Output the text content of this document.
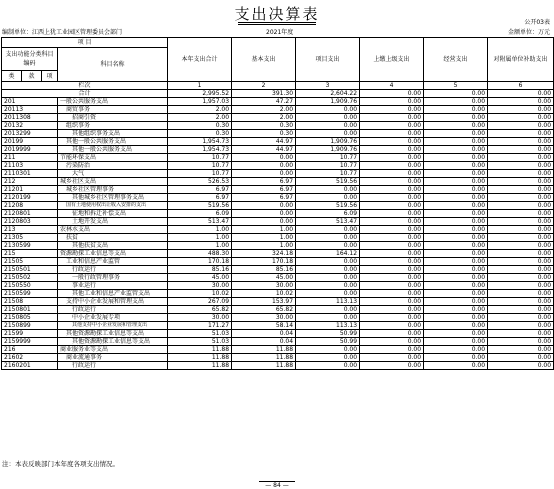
支出决算表	公开03表
编制单位：江西上犹工业园区管理委员会部门	2021年度	金额单位：万元
项 目				本年支出合计	基本支出	项目支出	上缴上级支出	经营支出	对附属单位补助支出
支出功能分类科目编码			科目名称						
类	款	项							
栏次				1	2	3	4	5	6
合计				2,995.52	391.30	2,604.22	0.00	0.00	0.00
201			一般公共服务支出	1,957.03	47.27	1,909.76	0.00	0.00	0.00
20113			商贸事务	2.00	2.00	0.00	0.00	0.00	0.00
2011308			招商引资	2.00	2.00	0.00	0.00	0.00	0.00
20132			组织事务	0.30	0.30	0.00	0.00	0.00	0.00
2013299			其他组织事务支出	0.30	0.30	0.00	0.00	0.00	0.00
20199			其他一般公共服务支出	1,954.73	44.97	1,909.76	0.00	0.00	0.00
2019999			其他一般公共服务支出	1,954.73	44.97	1,909.76	0.00	0.00	0.00
211			节能环保支出	10.77	0.00	10.77	0.00	0.00	0.00
21103			污染防治	10.77	0.00	10.77	0.00	0.00	0.00
2110301			大气	10.77	0.00	10.77	0.00	0.00	0.00
212			城乡社区支出	526.53	6.97	519.56	0.00	0.00	0.00
21201			城乡社区管理事务	6.97	6.97	0.00	0.00	0.00	0.00
2120199			其他城乡社区管理事务支出	6.97	6.97	0.00	0.00	0.00	0.00
21208			国有土地使用权出让收入安排的支出	519.56	0.00	519.56	0.00	0.00	0.00
2120801			征地和拆迁补偿支出	6.09	0.00	6.09	0.00	0.00	0.00
2120803			土地开发支出	513.47	0.00	513.47	0.00	0.00	0.00
213			农林水支出	1.00	1.00	0.00	0.00	0.00	0.00
21305			扶贫	1.00	1.00	0.00	0.00	0.00	0.00
2130599			其他扶贫支出	1.00	1.00	0.00	0.00	0.00	0.00
215			资源勘探工业信息等支出	488.30	324.18	164.12	0.00	0.00	0.00
21505			工业和信息产业监管	170.18	170.18	0.00	0.00	0.00	0.00
2150501			行政运行	85.16	85.16	0.00	0.00	0.00	0.00
2150502			一般行政管理事务	45.00	45.00	0.00	0.00	0.00	0.00
2150550			事业运行	30.00	30.00	0.00	0.00	0.00	0.00
2150599			其他工业和信息产业监管支出	10.02	10.02	0.00	0.00	0.00	0.00
21508			支持中小企业发展和管理支出	267.09	153.97	113.13	0.00	0.00	0.00
2150801			行政运行	65.82	65.82	0.00	0.00	0.00	0.00
2150805			中小企业发展专项	30.00	30.00	0.00	0.00	0.00	0.00
2150899			其他支持中小企业发展和管理支出	171.27	58.14	113.13	0.00	0.00	0.00
21599			其他资源勘探工业信息等支出	51.03	0.04	50.99	0.00	0.00	0.00
2159999			其他资源勘探工业信息等支出	51.03	0.04	50.99	0.00	0.00	0.00
216			商业服务业等支出	11.88	11.88	0.00	0.00	0.00	0.00
21602			商业流通事务	11.88	11.88	0.00	0.00	0.00	0.00
2160201			行政运行	11.88	11.88	0.00	0.00	0.00	0.00
注：本表反映部门本年度各项支出情况。
— 84 —
